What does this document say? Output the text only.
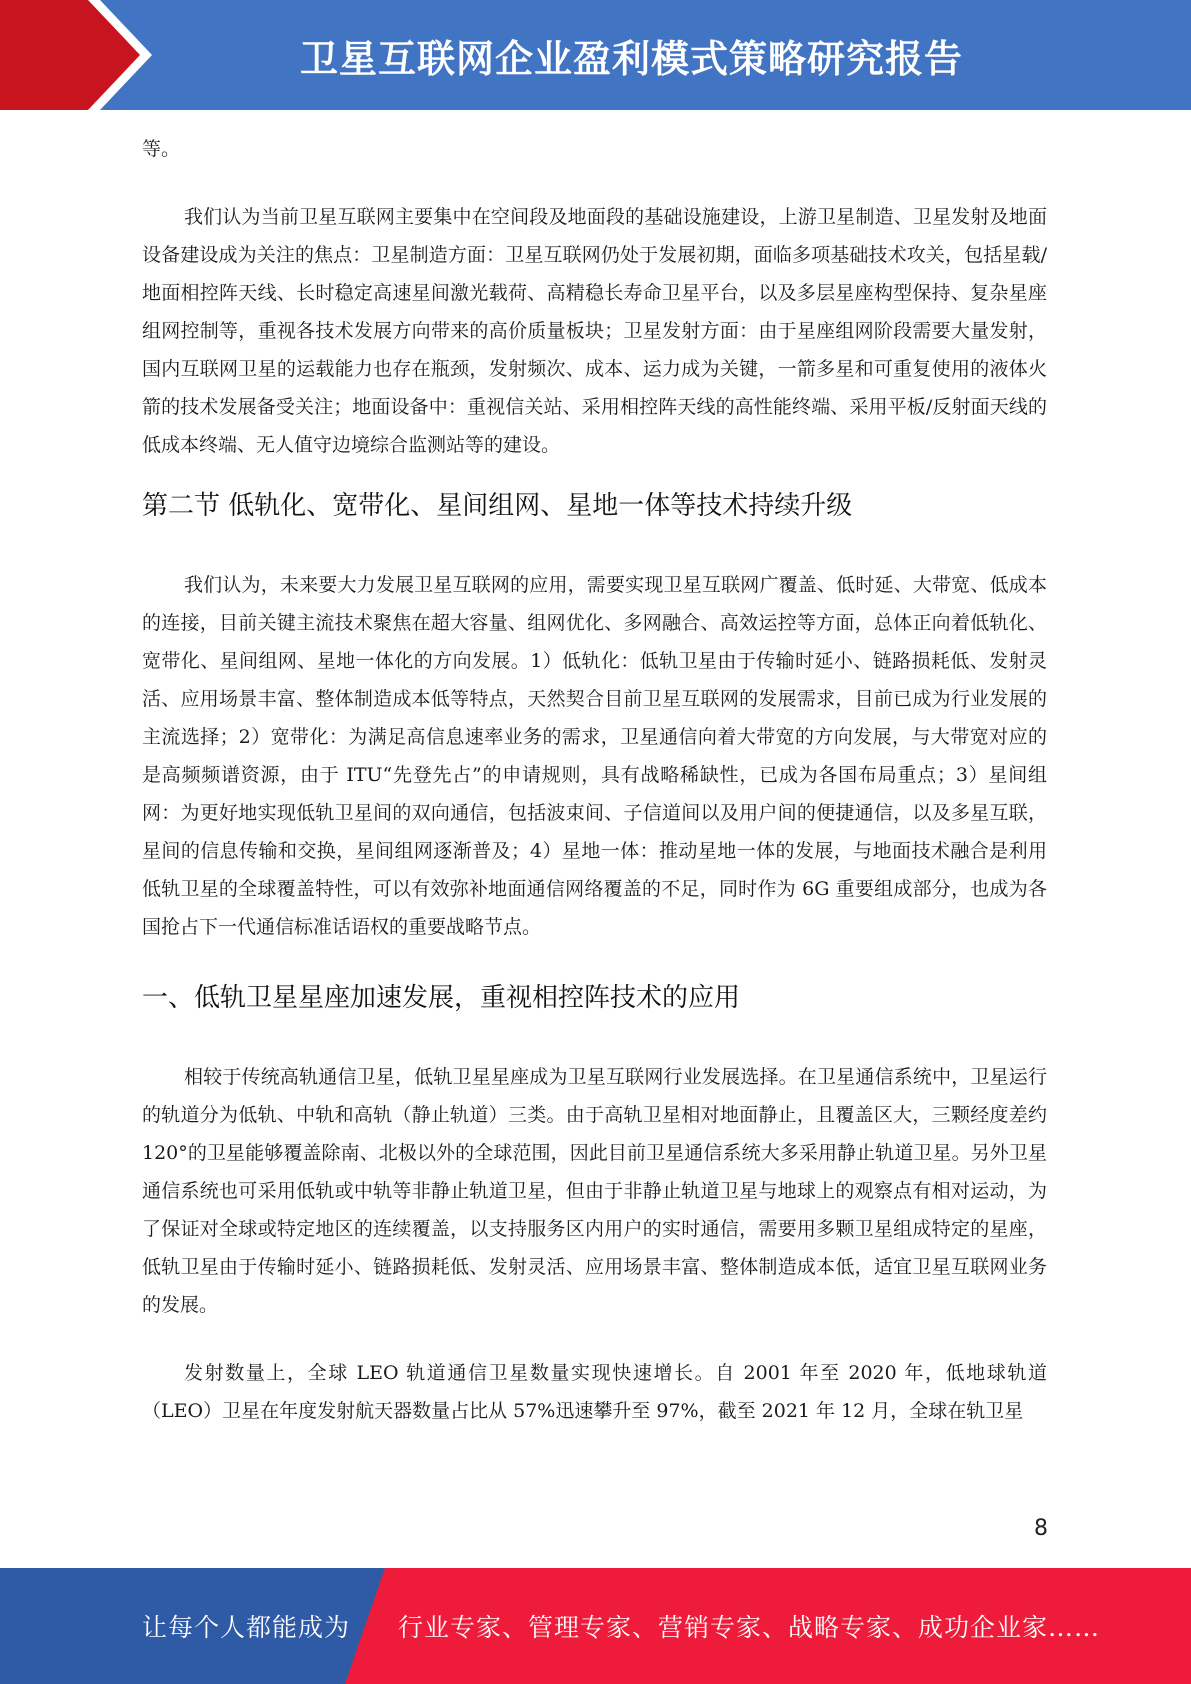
卫星互联网企业盈利模式策略研究报告

等。

我们认为当前卫星互联网主要集中在空间段及地面段的基础设施建设，上游卫星制造、卫星发射及地面设备建设成为关注的焦点：卫星制造方面：卫星互联网仍处于发展初期，面临多项基础技术攻关，包括星载/地面相控阵天线、长时稳定高速星间激光载荷、高精稳长寿命卫星平台，以及多层星座构型保持、复杂星座组网控制等，重视各技术发展方向带来的高价质量板块；卫星发射方面：由于星座组网阶段需要大量发射，国内互联网卫星的运载能力也存在瓶颈，发射频次、成本、运力成为关键，一箭多星和可重复使用的液体火箭的技术发展备受关注；地面设备中：重视信关站、采用相控阵天线的高性能终端、采用平板/反射面天线的低成本终端、无人值守边境综合监测站等的建设。

第二节 低轨化、宽带化、星间组网、星地一体等技术持续升级

我们认为，未来要大力发展卫星互联网的应用，需要实现卫星互联网广覆盖、低时延、大带宽、低成本的连接，目前关键主流技术聚焦在超大容量、组网优化、多网融合、高效运控等方面，总体正向着低轨化、宽带化、星间组网、星地一体化的方向发展。1）低轨化：低轨卫星由于传输时延小、链路损耗低、发射灵活、应用场景丰富、整体制造成本低等特点，天然契合目前卫星互联网的发展需求，目前已成为行业发展的主流选择；2）宽带化：为满足高信息速率业务的需求，卫星通信向着大带宽的方向发展，与大带宽对应的是高频频谱资源，由于 ITU“先登先占”的申请规则，具有战略稀缺性，已成为各国布局重点；3）星间组网：为更好地实现低轨卫星间的双向通信，包括波束间、子信道间以及用户间的便捷通信，以及多星互联，星间的信息传输和交换，星间组网逐渐普及；4）星地一体：推动星地一体的发展，与地面技术融合是利用低轨卫星的全球覆盖特性，可以有效弥补地面通信网络覆盖的不足，同时作为 6G 重要组成部分，也成为各国抢占下一代通信标准话语权的重要战略节点。

一、低轨卫星星座加速发展，重视相控阵技术的应用

相较于传统高轨通信卫星，低轨卫星星座成为卫星互联网行业发展选择。在卫星通信系统中，卫星运行的轨道分为低轨、中轨和高轨（静止轨道）三类。由于高轨卫星相对地面静止，且覆盖区大，三颗经度差约 120°的卫星能够覆盖除南、北极以外的全球范围，因此目前卫星通信系统大多采用静止轨道卫星。另外卫星通信系统也可采用低轨或中轨等非静止轨道卫星，但由于非静止轨道卫星与地球上的观察点有相对运动，为了保证对全球或特定地区的连续覆盖，以支持服务区内用户的实时通信，需要用多颗卫星组成特定的星座，低轨卫星由于传输时延小、链路损耗低、发射灵活、应用场景丰富、整体制造成本低，适宜卫星互联网业务的发展。

发射数量上，全球 LEO 轨道通信卫星数量实现快速增长。自 2001 年至 2020 年，低地球轨道（LEO）卫星在年度发射航天器数量占比从 57%迅速攀升至 97%，截至 2021 年 12 月，全球在轨卫星

8
让每个人都能成为 行业专家、管理专家、营销专家、战略专家、成功企业家……
